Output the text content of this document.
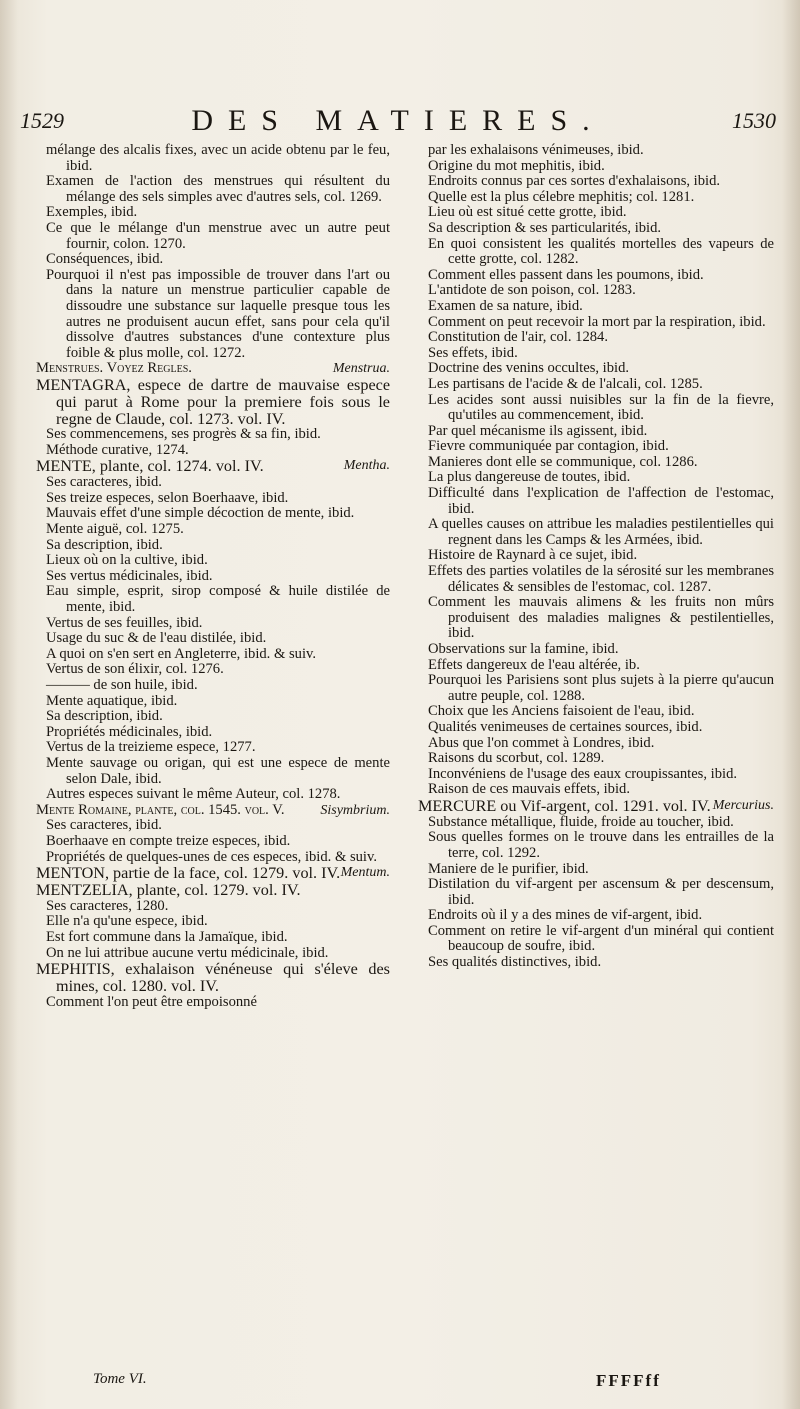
1529	DES MATIERES.	1530

mélange des alcalis fixes, avec un acide obtenu par le feu, ibid.

Examen de l'action des menstrues qui résultent du mélange des sels simples avec d'autres sels, col. 1269.

Exemples, ibid.

Ce que le mélange d'un menstrue avec un autre peut fournir, colon. 1270.

Conséquences, ibid.

Pourquoi il n'est pas impossible de trouver dans l'art ou dans la nature un menstrue particulier capable de dissoudre une substance sur laquelle presque tous les autres ne produisent aucun effet, sans pour cela qu'il dissolve d'autres substances d'une contexture plus foible & plus molle, col. 1272.

Menstrua.
Menstrues. Voyez Regles.

MENTAGRA, espece de dartre de mauvaise espece qui parut à Rome pour la premiere fois sous le regne de Claude, col. 1273. vol. IV.

Ses commencemens, ses progrès & sa fin, ibid.

Méthode curative, 1274.

Mentha.
MENTE, plante, col. 1274. vol. IV.

Ses caracteres, ibid.

Ses treize especes, selon Boerhaave, ibid.

Mauvais effet d'une simple décoction de mente, ibid.

Mente aiguë, col. 1275.

Sa description, ibid.

Lieux où on la cultive, ibid.

Ses vertus médicinales, ibid.

Eau simple, esprit, sirop composé & huile distilée de mente, ibid.

Vertus de ses feuilles, ibid.

Usage du suc & de l'eau distilée, ibid.

A quoi on s'en sert en Angleterre, ibid. & suiv.

Vertus de son élixir, col. 1276.

——— de son huile, ibid.

Mente aquatique, ibid.

Sa description, ibid.

Propriétés médicinales, ibid.

Vertus de la treizieme espece, 1277.

Mente sauvage ou origan, qui est une espece de mente selon Dale, ibid.

Autres especes suivant le même Auteur, col. 1278.

Sisymbrium.
Mente Romaine, plante, col. 1545. vol. V.

Ses caracteres, ibid.

Boerhaave en compte treize especes, ibid.

Propriétés de quelques-unes de ces especes, ibid. & suiv.

Mentum.
MENTON, partie de la face, col. 1279. vol. IV.

MENTZELIA, plante, col. 1279. vol. IV.

Ses caracteres, 1280.

Elle n'a qu'une espece, ibid.

Est fort commune dans la Jamaïque, ibid.

On ne lui attribue aucune vertu médicinale, ibid.

MEPHITIS, exhalaison vénéneuse qui s'éleve des mines, col. 1280. vol. IV.

Comment l'on peut être empoisonné

par les exhalaisons vénimeuses, ibid.

Origine du mot mephitis, ibid.

Endroits connus par ces sortes d'exhalaisons, ibid.

Quelle est la plus célebre mephitis; col. 1281.

Lieu où est situé cette grotte, ibid.

Sa description & ses particularités, ibid.

En quoi consistent les qualités mortelles des vapeurs de cette grotte, col. 1282.

Comment elles passent dans les poumons, ibid.

L'antidote de son poison, col. 1283.

Examen de sa nature, ibid.

Comment on peut recevoir la mort par la respiration, ibid.

Constitution de l'air, col. 1284.

Ses effets, ibid.

Doctrine des venins occultes, ibid.

Les partisans de l'acide & de l'alcali, col. 1285.

Les acides sont aussi nuisibles sur la fin de la fievre, qu'utiles au commencement, ibid.

Par quel mécanisme ils agissent, ibid.

Fievre communiquée par contagion, ibid.

Manieres dont elle se communique, col. 1286.

La plus dangereuse de toutes, ibid.

Difficulté dans l'explication de l'affection de l'estomac, ibid.

A quelles causes on attribue les maladies pestilentielles qui regnent dans les Camps & les Armées, ibid.

Histoire de Raynard à ce sujet, ibid.

Effets des parties volatiles de la sérosité sur les membranes délicates & sensibles de l'estomac, col. 1287.

Comment les mauvais alimens & les fruits non mûrs produisent des maladies malignes & pestilentielles, ibid.

Observations sur la famine, ibid.

Effets dangereux de l'eau altérée, ib.

Pourquoi les Parisiens sont plus sujets à la pierre qu'aucun autre peuple, col. 1288.

Choix que les Anciens faisoient de l'eau, ibid.

Qualités venimeuses de certaines sources, ibid.

Abus que l'on commet à Londres, ibid.

Raisons du scorbut, col. 1289.

Inconvéniens de l'usage des eaux croupissantes, ibid.

Raison de ces mauvais effets, ibid.

Mercurius.
MERCURE ou Vif-argent, col. 1291. vol. IV.

Substance métallique, fluide, froide au toucher, ibid.

Sous quelles formes on le trouve dans les entrailles de la terre, col. 1292.

Maniere de le purifier, ibid.

Distilation du vif-argent per ascensum & per descensum, ibid.

Endroits où il y a des mines de vif-argent, ibid.

Comment on retire le vif-argent d'un minéral qui contient beaucoup de soufre, ibid.

Ses qualités distinctives, ibid.

Tome VI.	FFFFff
